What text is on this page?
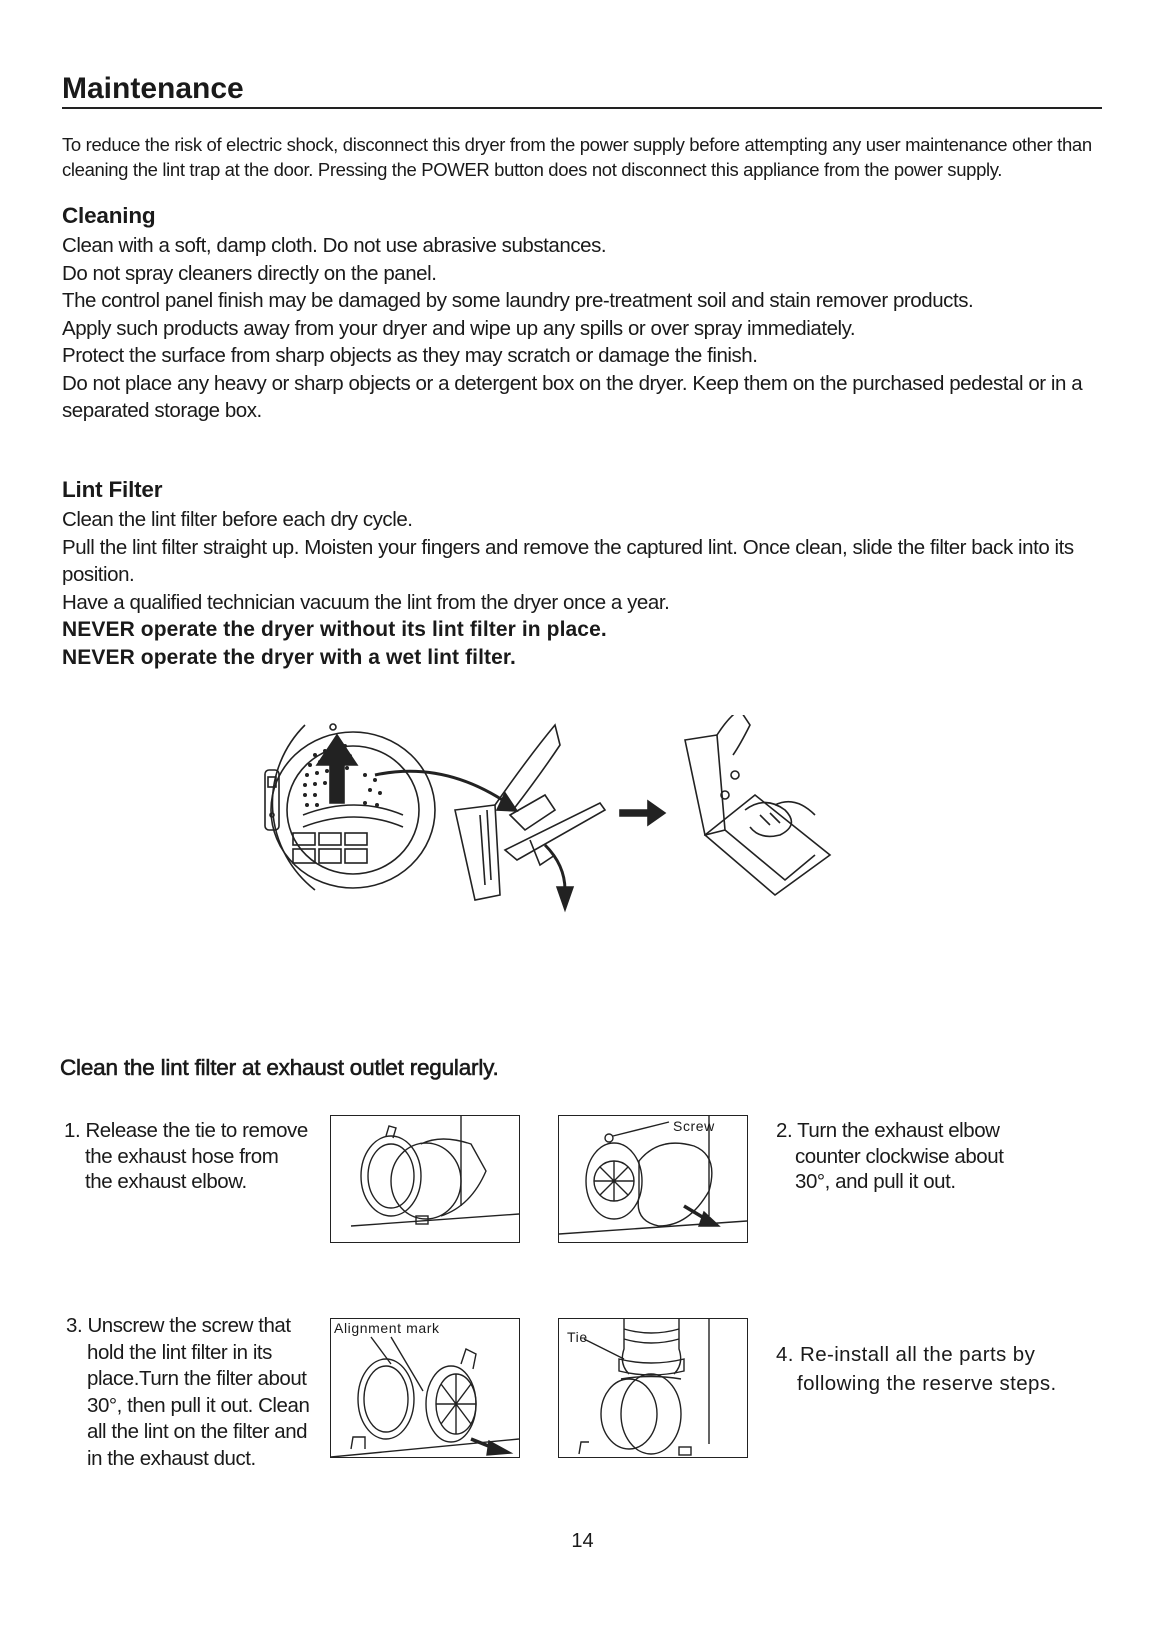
Maintenance
To reduce the risk of electric shock, disconnect this dryer from the power supply before attempting any user maintenance other than cleaning the lint trap at the door. Pressing the POWER button does not disconnect this appliance from the power supply.
Cleaning

Clean with a soft, damp cloth. Do not use abrasive substances.

Do not spray cleaners directly on the panel.

The control panel finish may be damaged by some laundry pre-treatment soil and stain remover products.

Apply such products away from your dryer and wipe up any spills or over spray immediately.

Protect the surface from sharp objects as they may scratch or damage the finish.

Do not place any heavy or sharp objects or a detergent box on the dryer. Keep them on the purchased pedestal or in a separated storage box.

Lint Filter

Clean the lint filter before each dry cycle.

Pull the lint filter straight up. Moisten your fingers and remove the captured lint. Once clean, slide the filter back into its position.

Have a qualified technician vacuum the lint from the dryer once a year.

NEVER operate the dryer without its lint filter in place.

NEVER operate the dryer with a wet lint filter.

Clean the lint filter at exhaust outlet regularly.

1. Release the tie to remove

the exhaust hose from

the exhaust elbow.

Screw	2. Turn the exhaust elbow

counter clockwise about

30°, and pull it out.

3. Unscrew the screw that

hold the lint filter in its

place.Turn the filter about

30°, then pull it out. Clean

all the lint on the filter and

in the exhaust duct.

Alignment mark
Tie

4. Re-install all the parts by

following the reserve steps.

14
